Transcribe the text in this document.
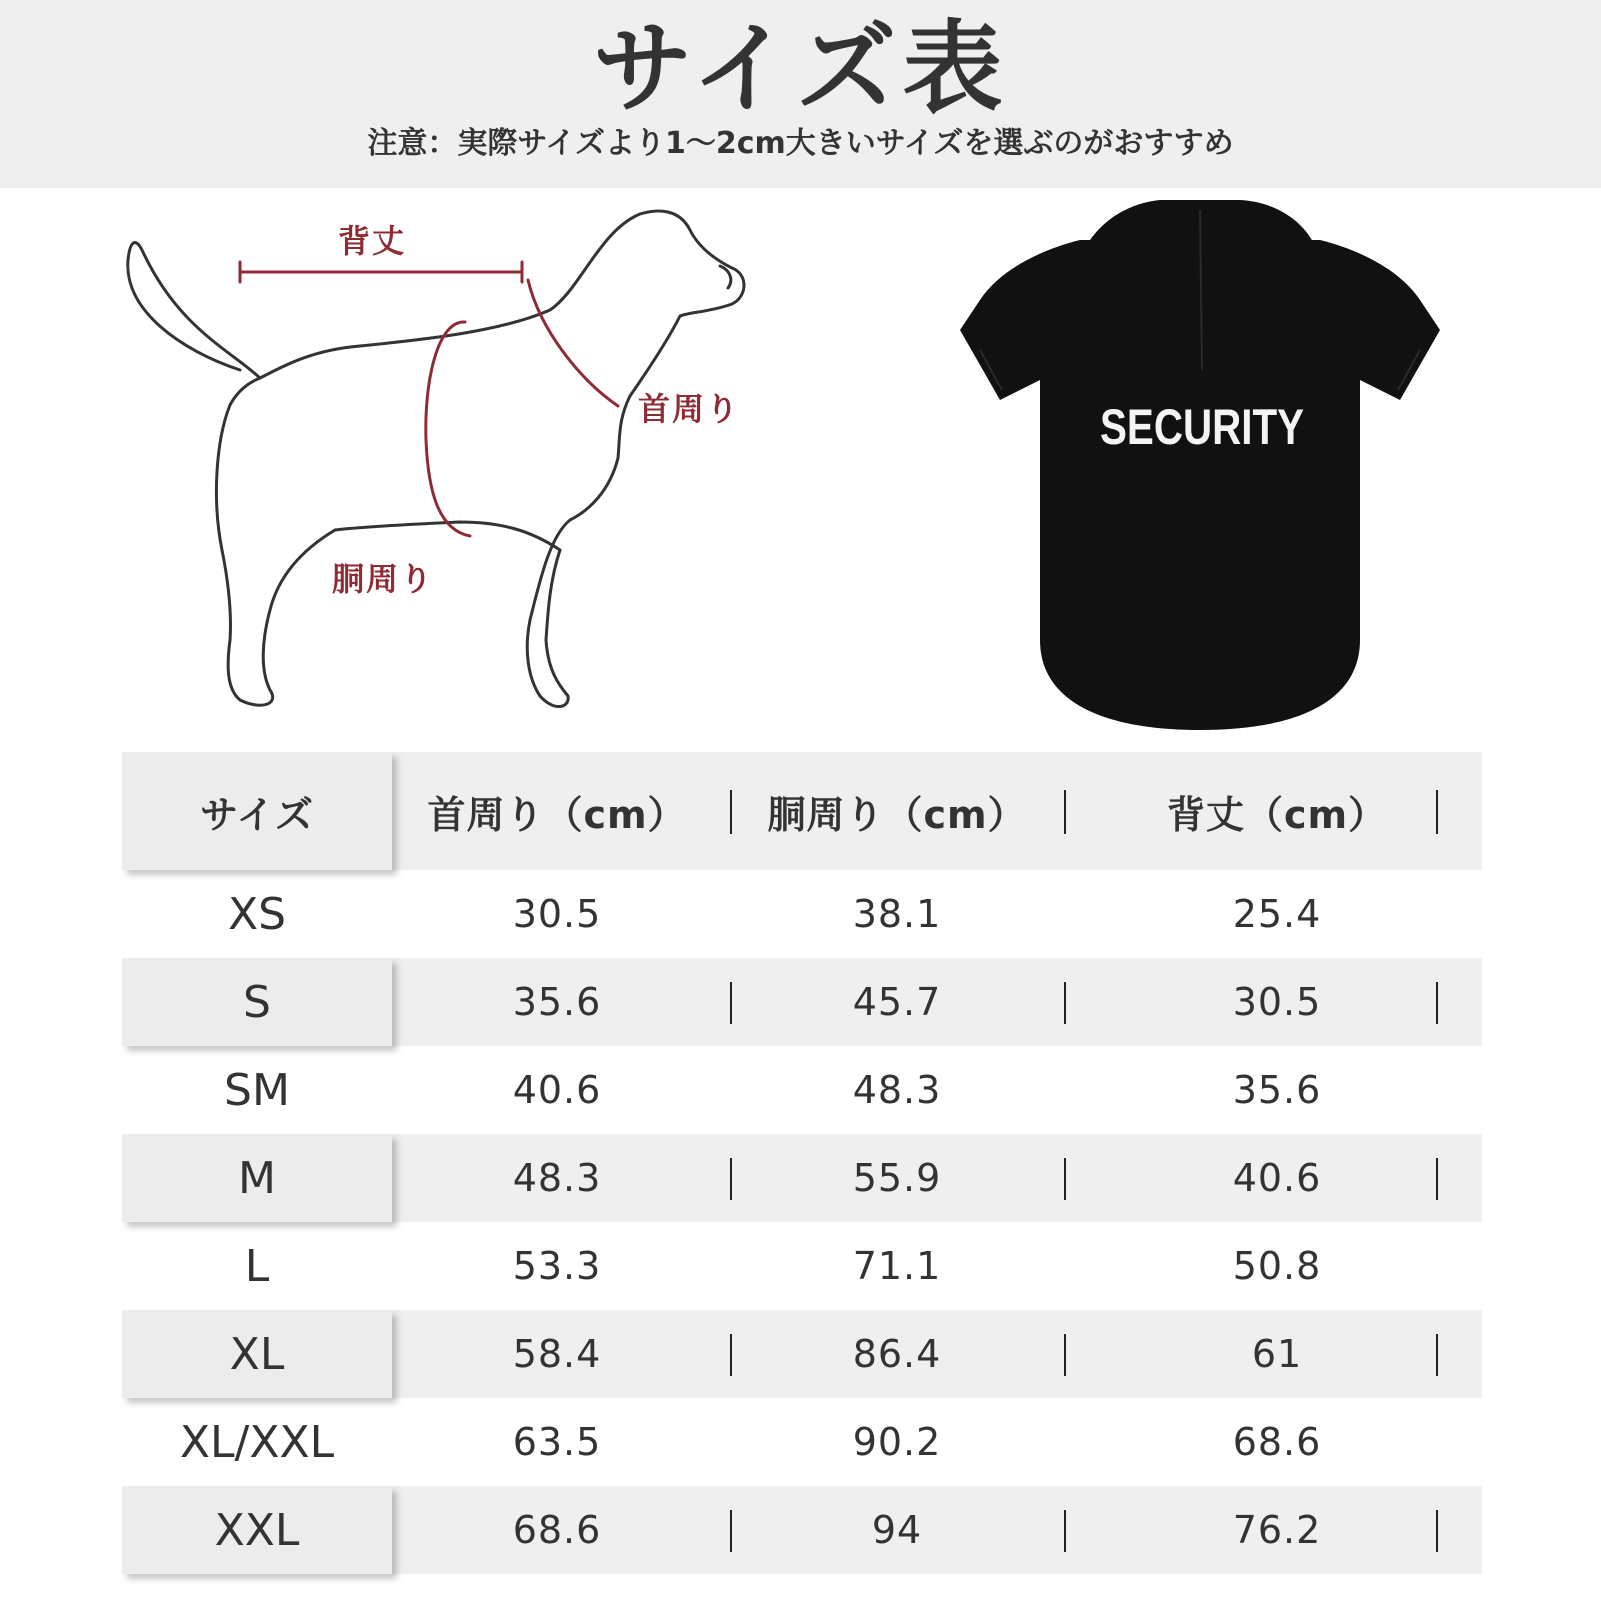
サイズ表
注意：実際サイズより1～2cm大きいサイズを選ぶのがおすすめ
背丈
首周り
胴周り
SECURITY
サイズ	首周り（cm） 胴周り（cm）	背丈（cm）
XS	30.5	38.1	25.4
S	35.6	45.7	30.5
SM	40.6	48.3	35.6
M	48.3	55.9	40.6
L	53.3	71.1	50.8
XL	58.4	86.4	61
XL/XXL	63.5	90.2	68.6
XXL	68.6	94	76.2
